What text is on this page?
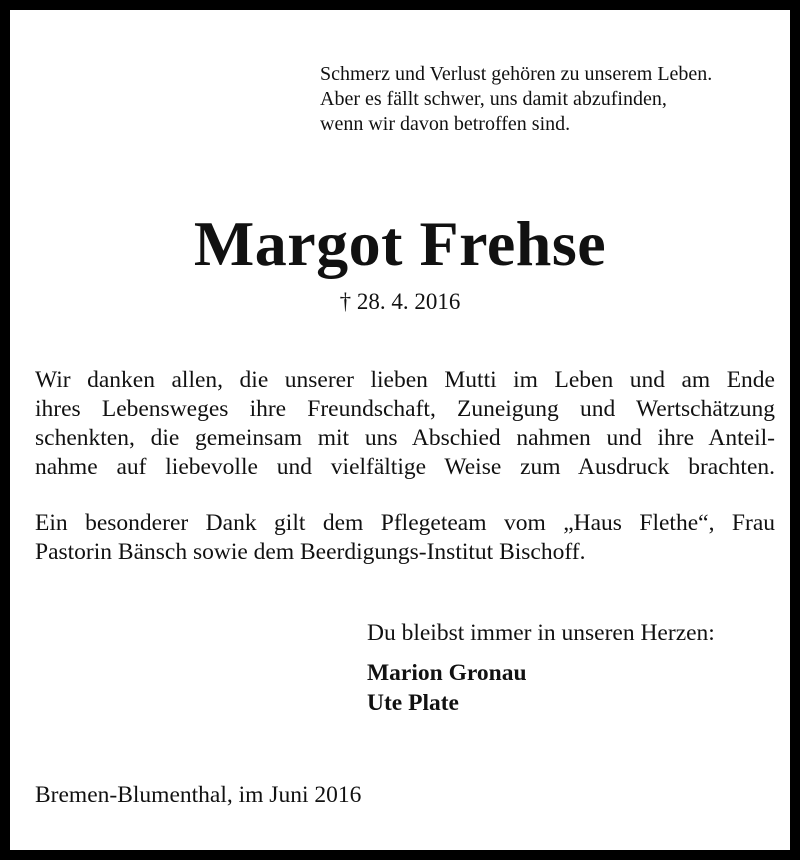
Schmerz und Verlust gehören zu unserem Leben.
Aber es fällt schwer, uns damit abzufinden,
wenn wir davon betroffen sind.
Margot Frehse
† 28. 4. 2016
Wir danken allen, die unserer lieben Mutti im Leben und am Ende
ihres Lebensweges ihre Freundschaft, Zuneigung und Wertschätzung
schenkten, die gemeinsam mit uns Abschied nahmen und ihre Anteil-
nahme auf liebevolle und vielfältige Weise zum Ausdruck brachten.
Ein besonderer Dank gilt dem Pflegeteam vom „Haus Flethe“, Frau
Pastorin Bänsch sowie dem Beerdigungs-Institut Bischoff.
Du bleibst immer in unseren Herzen:
Marion Gronau
Ute Plate
Bremen-Blumenthal, im Juni 2016
